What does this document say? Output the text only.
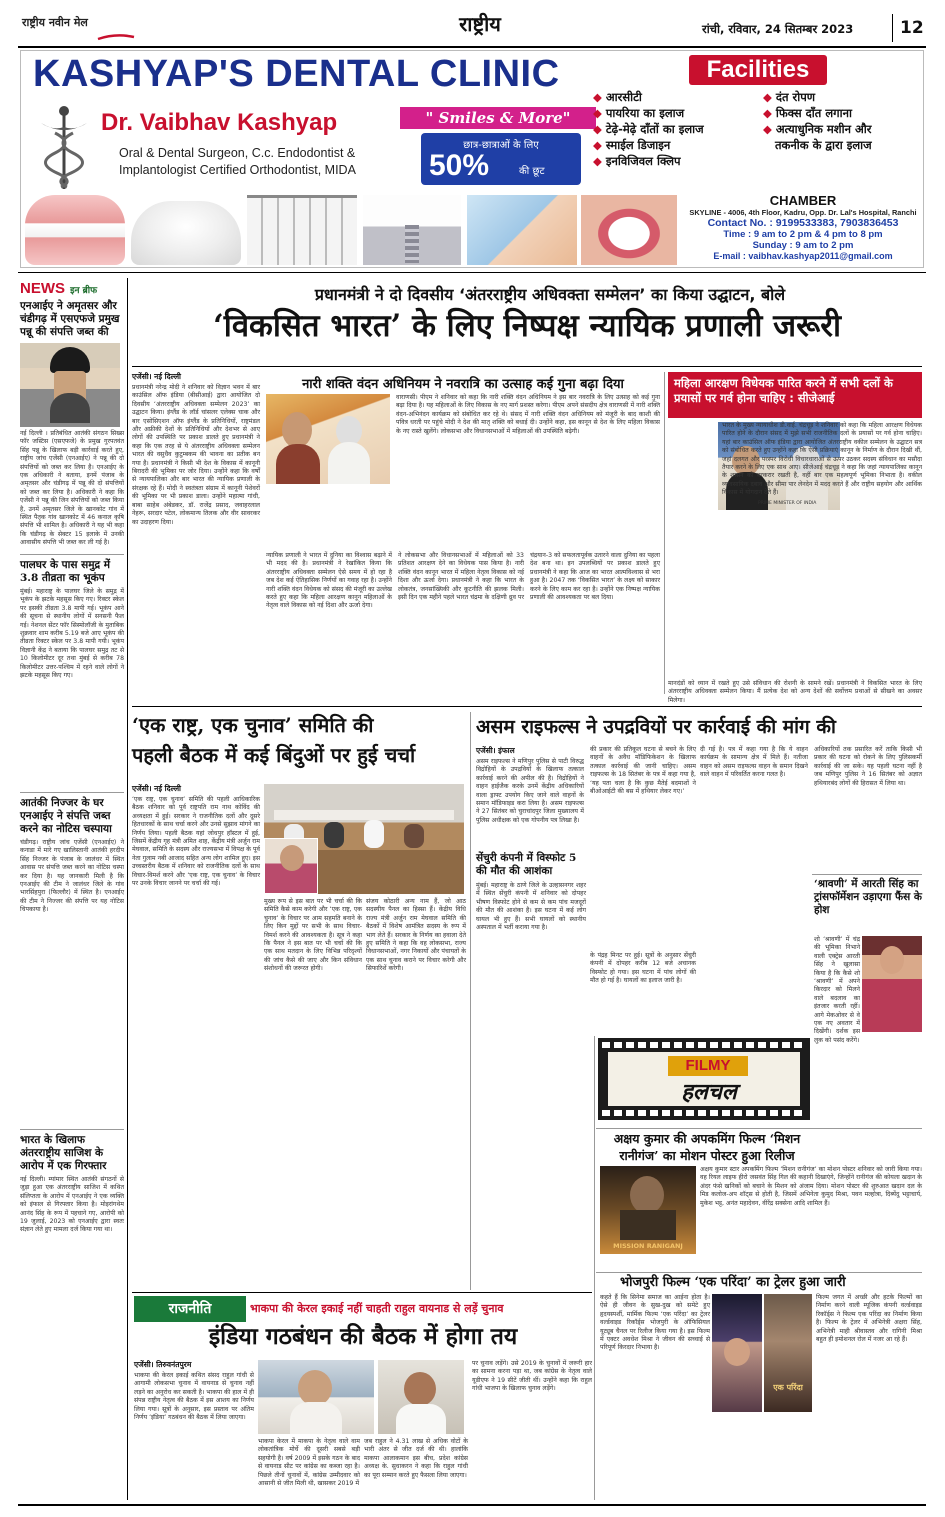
राष्ट्रीय नवीन मेल	राष्ट्रीय	रांची, रविवार, 24 सितम्बर 2023	12
KASHYAP'S DENTAL CLINIC
Dr. Vaibhav Kashyap
Oral & Dental Surgeon, C.c. Endodontist &
Implantologist Certified Orthodontist, MIDA
" Smiles & More"
छात्र-छात्राओं के लिए
50%	की छूट
Facilities
◆ आरसीटी
◆ पायरिया का इलाज
◆ टेढ़े-मेढ़े दाँतों का इलाज
◆ स्माईल डिजाइन
◆ इनविजिवल क्लिप
◆ दंत रोपण
◆ फिक्स दाँत लगाना
◆ अत्याधुनिक मशीन और
तकनीक के द्वारा इलाज
CHAMBER
SKYLINE - 4006, 4th Floor, Kadru, Opp. Dr. Lal's Hospital, Ranchi
Contact No. : 9199533383, 7903836453
Time : 9 am to 2 pm & 4 pm to 8 pm
Sunday : 9 am to 2 pm
E-mail : vaibhav.kashyap2011@gmail.com
NEWS इन ब्रीफ
एनआईए ने अमृतसर और चंडीगढ़ में एसएफजे प्रमुख पन्नू की संपत्ति जब्त की
नई दिल्ली । प्रतिबंधित आतंकी संगठन सिख्स फॉर जस्टिस (एसएफजे) के प्रमुख गुरपतवंत सिंह पन्नू के खिलाफ बड़ी कार्रवाई करते हुए, राष्ट्रीय जांच एजेंसी (एनआईए) ने पन्नू की दो संपत्तियों को जब्त कर लिया है। एनआईए के एक अधिकारी ने बताया, इनमें पंजाब के अमृतसर और चंडीगढ़ में पन्नू की दो संपत्तियों को जब्त कर लिया है। अधिकारी ने कहा कि एजेंसी ने पन्नू की जिन संपत्तियों को जब्त किया है, उनमें अमृतसर जिले के खानकोट गांव में स्थित पैतृक गांव खानकोट में 46 कनाल कृषि संपत्ति भी शामिल है। अधिकारी ने यह भी कहा कि चंडीगढ़ के सेक्टर 15 इलाके में उनकी आवासीय संपत्ति भी जब्त कर ली गई है।
पालघर के पास समुद्र में 3.8 तीव्रता का भूकंप
मुंबई। महाराष्ट्र के पालघर जिले के समुद्र में भूकंप के झटके महसूस किए गए। रिक्टर स्केल पर इसकी तीव्रता 3.8 मापी गई। भूकंप आने की सूचना से स्थानीय लोगों में सनसनी फैल गई। नेशनल सेंटर फॉर सिस्मोलॉजी के मुताबिक शुक्रवार शाम करीब 5.19 बजे आए भूकंप की तीव्रता रिक्टर स्केल पर 3.8 मापी गयी। भूकंप विज्ञानी केंद्र ने बताया कि पालघर समुद्र तट से 10 किलोमीटर दूर तथा मुंबई से करीब 78 किलोमीटर उत्तर-पश्चिम में रहने वाले लोगों ने झटके महसूस किए गए।
आतंकी निज्जर के घर एनआईए ने संपत्ति जब्त करने का नोटिस चस्पाया
चंडीगढ़। राष्ट्रीय जांच एजेंसी (एनआईए) ने कनाडा में मारे गए खालिस्तानी आतंकी हरदीप सिंह निज्जर के पंजाब के जालंधर में स्थित आवास पर संपत्ति जब्त करने का नोटिस चस्पा कर दिया है। यह जानकारी मिली है कि एनआईए की टीम ने जालंधर जिले के गांव भारसिंहपुरा (फिल्लौर) में स्थित है। एनआईए की टीम ने निज्जर की संपत्ति पर यह नोटिस चिपकाया है।
भारत के खिलाफ अंतरराष्ट्रीय साजिश के आरोप में एक गिरफ्तार
नई दिल्ली। म्यांमार स्थित आतंकी संगठनों से जुड़ा हुआ एक अंतरराष्ट्रीय साजिश में कथित संलिप्तता के आरोप में एनआईए ने एक व्यक्ति को इंफाल से गिरफ्तार किया है। मोइरांगथेम आनंद सिंह के रूप में पहचाने गए, आरोपी को 19 जुलाई, 2023 को एनआईए द्वारा स्वतः संज्ञान लेते हुए मामला दर्ज किया गया था।
प्रधानमंत्री ने दो दिवसीय ‘अंतरराष्ट्रीय अधिवक्ता सम्मेलन’ का किया उद्घाटन, बोले
‘विकसित भारत’ के लिए निष्पक्ष न्यायिक प्रणाली जरूरी
एजेंसी। नई दिल्ली
प्रधानमंत्री नरेन्द्र मोदी ने शनिवार को विज्ञान भवन में बार काउंसिल ऑफ इंडिया (बीसीआई) द्वारा आयोजित दो दिवसीय ‘अंतरराष्ट्रीय अधिवक्ता सम्मेलन 2023’ का उद्घाटन किया। इंग्लैंड के लॉर्ड चांसलर एलेक्स चाक और बार एसोसिएशन ऑफ इंग्लैंड के प्रतिनिधियों, राष्ट्रमंडल और अफ्रीकी देशों के प्रतिनिधियों और देशभर से आए लोगों की उपस्थिति पर प्रकाश डालते हुए प्रधानमंत्री ने कहा कि एक तरह से ये अंतरराष्ट्रीय अधिवक्ता सम्मेलन भारत की वसुधैव कुटुम्बकम की भावना का प्रतीक बन गया है। प्रधानमंत्री ने किसी भी देश के विकास में कानूनी बिरादरी की भूमिका पर जोर दिया। उन्होंने कहा कि वर्षों से न्यायपालिका और बार भारत की न्यायिक प्रणाली के संरक्षक रहे हैं। मोदी ने स्वतंत्रता संग्राम में कानूनी पेशेवरों की भूमिका पर भी प्रकाश डाला। उन्होंने महात्मा गांधी, बाबा साहेब अंबेडकर, डॉ. राजेंद्र प्रसाद, जवाहरलाल नेहरू, सरदार पटेल, लोकमान्य तिलक और वीर सावरकर का उदाहरण दिया।
नारी शक्ति वंदन अधिनियम ने नवरात्रि का उत्साह कई गुना बढ़ा दिया
वाराणसी। पीएम ने शनिवार को कहा कि नारी शक्ति वंदन अधिनियम ने इस बार नवरात्रि के लिए उत्साह को कई गुना बढ़ा दिया है। यह महिलाओं के लिए विकास के नए मार्ग प्रशस्त करेगा। पीएम अपने संसदीय क्षेत्र वाराणसी में नारी शक्ति वंदन-अभिनंदन कार्यक्रम को संबोधित कर रहे थे। संसद में नारी शक्ति वंदन अधिनियम को मंजूरी के बाद काशी की पवित्र धरती पर पहुंचे मोदी ने देश की मातृ शक्ति को बधाई दी। उन्होंने कहा, इस कानून से देश के लिए महिला विकास के नए रास्ते खुलेंगे। लोकसभा और विधानसभाओं में महिलाओं की उपस्थिति बढ़ेगी।
न्यायिक प्रणाली ने भारत में दुनिया का विश्वास बढ़ाने में भी मदद की है। प्रधानमंत्री ने रेखांकित किया कि अंतरराष्ट्रीय अधिवक्ता सम्मेलन ऐसे समय में हो रहा है जब देश कई ऐतिहासिक निर्णयों का गवाह रहा है। उन्होंने नारी शक्ति वंदन विधेयक को संसद की मंजूरी का उल्लेख करते हुए कहा कि महिला आरक्षण कानून महिलाओं के नेतृत्व वाले विकास को नई दिशा और ऊर्जा देगा।
ने लोकसभा और विधानसभाओं में महिलाओं को 33 प्रतिशत आरक्षण देने का विधेयक पास किया है। नारी शक्ति वंदन कानून भारत में महिला नेतृत्व विकास को नई दिशा और ऊर्जा देगा। प्रधानमंत्री ने कहा कि भारत के लोकतंत्र, जनसांख्यिकी और कूटनीति की झलक मिली। इसी दिन एक महीने पहले भारत चंद्रमा के दक्षिणी ध्रुव पर
चंद्रयान-3 को सफलतापूर्वक उतारने वाला दुनिया का पहला देश बना था। इन उपलब्धियों पर प्रकाश डालते हुए प्रधानमंत्री ने कहा कि आज का भारत आत्मविश्वास से भरा हुआ है। 2047 तक ‘विकसित भारत’ के लक्ष्य को साकार करने के लिए काम कर रहा है। उन्होंने एक निष्पक्ष न्यायिक प्रणाली की आवश्यकता पर बल दिया।
महिला आरक्षण विधेयक पारित करने में सभी दलों के प्रयासों पर गर्व होना चाहिए : सीजेआई
PRIME MINISTER OF INDIA
भारत के मुख्य न्यायाधीश डी.वाई. चंद्रचूड़ ने शनिवार को कहा कि महिला आरक्षण विधेयक पारित होने के दौरान संसद में मुझे सभी राजनीतिक दलों के प्रयासों पर गर्व होना चाहिए। यहां बार काउंसिल ऑफ इंडिया द्वारा आयोजित अंतरराष्ट्रीय वकील सम्मेलन के उद्घाटन सत्र को संबोधित करते हुए उन्होंने कहा कि ऐसी प्रक्रियाएं कानून के निर्माण के दौरान दिखी थीं, जहां दलगत और परस्पर विरोधी विचारधाराओं से ऊपर उठकर सदस्य संविधान का मसौदा तैयार करने के लिए एक साथ आए। सीजेआई चंद्रचूड़ ने कहा कि जहां न्यायपालिका कानून के शासन को बरकरार रखती है, वहीं बार एक महत्वपूर्ण भूमिका निभाता है। वकील व्यावसायिक दबाव और सीमा पार लेनदेन में मदद करते हैं और राष्ट्रीय सहयोग और आर्थिक विकास में योगदान देते हैं।
मानदंडों को ध्यान में रखते हुए उसे संविधान की रोशनी के सामने रखें। प्रधानमंत्री ने विकसित भारत के लिए अंतरराष्ट्रीय अधिवक्ता सम्मेलन किया। मैं प्रत्येक देश को अन्य देशों की सर्वोत्तम प्रथाओं से सीखने का अवसर मिलेगा।
‘एक राष्ट्र, एक चुनाव’ समिति की
पहली बैठक में कई बिंदुओं पर हुई चर्चा
एजेंसी। नई दिल्ली
‘एक राष्ट्र, एक चुनाव’ समिति की पहली आधिकारिक बैठक शनिवार को पूर्व राष्ट्रपति राम नाथ कोविंद की अध्यक्षता में हुई। सरकार ने राजनीतिक दलों और दूसरे हितधारकों के साथ चर्चा करने और उनसे सुझाव मांगने का निर्णय लिया। पहली बैठक यहां जोधपुर हॉस्टल में हुई, जिसमें केंद्रीय गृह मंत्री अमित शाह, केंद्रीय मंत्री अर्जुन राम मेघवाल, समिति के सदस्य और राज्यसभा में विपक्ष के पूर्व नेता गुलाम नबी आजाद सहित अन्य लोग शामिल हुए। इस उच्चस्तरीय बैठक में शनिवार को राजनीतिक दलों के साथ विचार-विमर्श करने और ‘एक राष्ट्र, एक चुनाव’ के विचार पर उनके विचार जानने पर चर्चा की गई।
मुख्य रूप से इस बात पर भी चर्चा की कि समिति कैसे काम करेगी और ‘एक राष्ट्र, एक चुनाव’ के विचार पर आम सहमति बनाने के लिए किन मुद्दों पर सभी के साथ विचार-विमर्श करने की आवश्यकता है। सूत्र ने कहा कि पैनल ने इस बात पर भी चर्चा की कि एक साथ मतदान के लिए विभिन्न परिदृश्यों की जांच कैसे की जाए और किन संविधान संशोधनों की जरूरत होगी।
संजय कोठारी अन्य नाम हैं, जो आठ सदस्यीय पैनल का हिस्सा हैं। केंद्रीय विधि राज्य मंत्री अर्जुन राम मेघवाल समिति की बैठकों में विशेष आमंत्रित सदस्य के रूप में भाग लेते हैं। सरकार के निर्णय का हवाला देते हुए समिति ने कहा कि वह लोकसभा, राज्य विधानसभाओं, नगर निकायों और पंचायतों के एक साथ चुनाव कराने पर विचार करेगी और सिफारिशें करेगी।
असम राइफल्स ने उपद्रवियों पर कार्रवाई की मांग की
एजेंसी। इंफाल
असम राइफल्स ने मणिपुर पुलिस से पाटी विरुद्ध विद्रोहियों के उपद्रवियों के खिलाफ तत्काल कार्रवाई करने की अपील की है। विद्रोहियों ने वाहन हाईजैक करके उनमें केंद्रीय अधिकारियों वाला ड्राफ्ट उपयोग किए जाने वाले वाहनों के समान मॉडिफाइड करा लिया है। असम राइफल्स ने 27 सितंबर को चुराचांदपुर जिला मुख्यालय में पुलिस अधीक्षक को एक गोपनीय पत्र लिखा है।
की प्रकार की प्रतिकूल घटना से बचने के लिए वाहनों के अवैध मॉडिफिकेशन के खिलाफ तत्काल कार्रवाई की जानी चाहिए। असम राइफल्स के 18 सितंबर के पत्र में कहा गया है, ‘यह पता चला है कि कुछ मैतेई बदमाशों ने बीओआईटी की बस में हथियार लेकर गए।’
दी गई है। पत्र में कहा गया है कि ये वाहन कार्यक्रम के सामान्य क्षेत्र में मिले हैं। नतीजा वाहन को असम राइफल्स वाहन के समान दिखने वाले वाहन में परिवर्तित करना गलत है।
अधिकारियों तक प्रसारित करें ताकि किसी भी प्रकार की घटना को रोकने के लिए पुलिसकर्मी कार्रवाई की जा सके। यह पहली घटना नहीं है जब मणिपुर पुलिस ने 16 सितंबर को अज्ञात हथियारबंद लोगों की हिरासत में लिया था।
सेंचुरी कंपनी में विस्फोट 5 की मौत की आशंका
मुंबई। महाराष्ट्र के ठाणे जिले के उल्हासनगर शहर में स्थित सेंचुरी कंपनी में शनिवार को दोपहर भीषण विस्फोट होने से कम से कम पांच मजदूरों की मौत की आशंका है। इस घटना में कई लोग घायल भी हुए हैं। सभी घायलों को स्थानीय अस्पताल में भर्ती कराया गया है।
के पंद्रह मिनट पर हुई। सूत्रों के अनुसार सेंचुरी कंपनी में दोपहर करीब 12 बजे अचानक विस्फोट हो गया। इस घटना में पांच लोगों की मौत हो गई है। घायलों का इलाज जारी है।
‘श्रावणी’ में आरती सिंह का ट्रांसफॉर्मेशन उड़ाएगा फैंस के होश
शो ‘श्रावणी’ में चंद्र की भूमिका निभाने वाली एक्ट्रेस आरती सिंह ने खुलासा किया है कि कैसे शो ‘श्रावणी’ में अपने किरदार को मिलने वाले बदलाव का इंतजार करती रहीं। आगे मेकओवर से वे एक नए अवतार में दिखेंगी। दर्शक इस लुक को पसंद करेंगे।
FILMY
हलचल
अक्षय कुमार की अपकमिंग फिल्म ‘मिशन रानीगंज’ का मोशन पोस्टर हुआ रिलीज
MISSION RANIGANJ
अक्षय कुमार स्टार अपकमिंग फिल्म ‘मिशन रानीगंज’ का मोशन पोस्टर शनिवार को जारी किया गया। वह रियल लाइफ हीरो जसवंत सिंह गिल की कहानी दिखाएंगे, जिन्होंने रानीगंज की कोयला खदान के अंदर फंसे खनिकों को बचाने के मिशन को अंजाम दिया। मोशन पोस्टर की शुरुआत खदान दल के मिड कलोज-अप शॉट्स से होती है, जिसमें अभिनेता कुमुद मिश्रा, पवन मल्होत्रा, दिब्येंदु भट्टाचार्य, मुकेश भट्ट, अनंत महादेवन, वीरेंद्र सक्सेना आदि शामिल हैं।
भोजपुरी फिल्म ‘एक परिंदा’ का ट्रेलर हुआ जारी
कहते हैं कि सिनेमा समाज का आईना होता है। ऐसे ही जीवन के सुख-दुख को समेटे हुए हृदयस्पर्शी, मार्मिक फिल्म ‘एक परिंदा’ का ट्रेलर वर्ल्डवाइड रिकॉर्ड्स भोजपुरी के ऑफिसियल यूट्यूब चैनल पर रिलीज किया गया है। इस फिल्म में एक्टर अवधेश मिश्रा ने जीवन की सच्चाई से परिपूर्ण किरदार निभाया है।
एक परिंदा
फिल्म जगत में अच्छी और हटके फिल्मों का निर्माण करने वाली म्यूजिक कंपनी वर्ल्डवाइड रिकॉर्ड्स ने फिल्म एक परिंदा का निर्माण किया है। फिल्म के ट्रेलर में अभिनेत्री अक्षरा सिंह, अभिनेत्री माही श्रीवास्तव और रागिनी मिश्रा बहुत ही इमोशनल रोल में नजर आ रहे हैं।
राजनीति	भाकपा की केरल इकाई नहीं चाहती राहुल वायनाड से लड़ें चुनाव
इंडिया गठबंधन की बैठक में होगा तय
एजेंसी। तिरुवनंतपुरम
भाकपा की केरल इकाई कथित संसद राहुल गांधी से आगामी लोकसभा चुनाव में वायनाड से चुनाव नहीं लड़ने का अनुरोध कर सकती है। भाकपा की हाल में ही संपन्न राष्ट्रीय नेतृत्व की बैठक में इस आशय का निर्णय लिया गया। सूत्रों के अनुसार, इस प्रस्ताव पर अंतिम निर्णय ‘इंडिया’ गठबंधन की बैठक में लिया जाएगा।
भाकपा केरल में माकपा के नेतृत्व वाले वाम लोकतांत्रिक मोर्चे की दूसरी सबसे बड़ी सहयोगी है। वर्ष 2009 में इसके गठन के बाद से वायनाड सीट पर कांग्रेस का कब्जा रहा है। पिछले तीनों चुनावों में, कांग्रेस उम्मीदवार को आसानी से जीत मिली थी, खासकर 2019 में
जब राहुल ने 4.31 लाख से अधिक वोटों के भारी अंतर से जीत दर्ज की थी। हालांकि माकपा आलाकमान इस बीच, प्रदेश कांग्रेस अध्यक्ष के. सुधाकरन ने कहा कि राहुल गांधी का पूरा सम्मान करते हुए फैसला लिया जाएगा।
पर चुनाव लड़ेंगे। उसे 2019 के चुनावों में जरूरी हार का सामना करना पड़ा था, जब कांग्रेस के नेतृत्व वाले यूडीएफ ने 19 सीटें जीती थीं। उन्होंने कहा कि राहुल गांधी भाजपा के खिलाफ चुनाव लड़ेंगे।
